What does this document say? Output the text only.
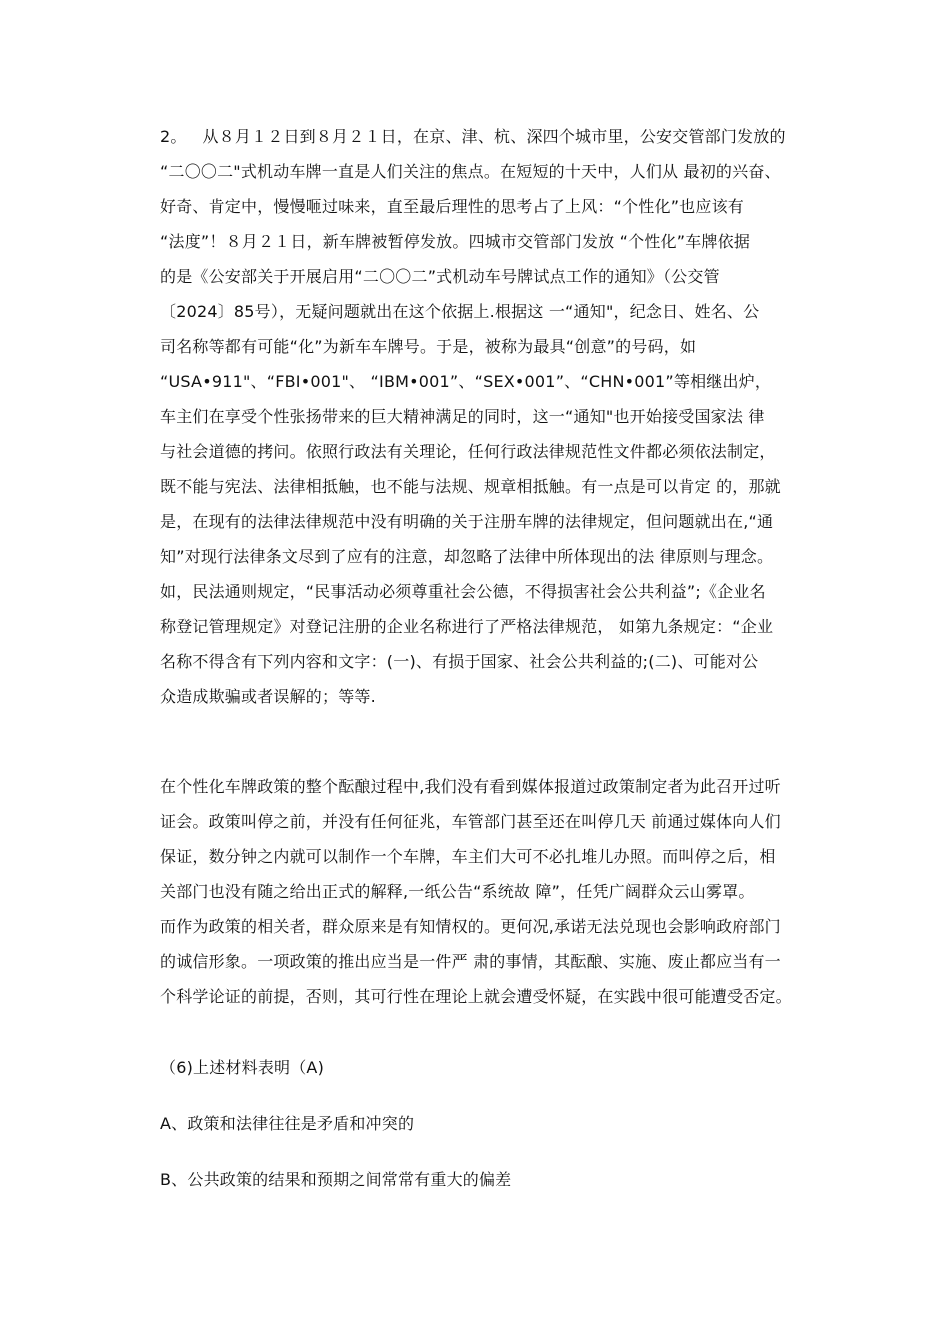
2。   从８月１２日到８月２１日，在京、津、杭、深四个城市里，公安交管部门发放的
“二〇〇二"式机动车牌一直是人们关注的焦点。在短短的十天中，人们从 最初的兴奋、
好奇、肯定中，慢慢咂过味来，直至最后理性的思考占了上风：“个性化”也应该有
“法度”！８月２１日，新车牌被暂停发放。四城市交管部门发放 “个性化”车牌依据
的是《公安部关于开展启用“二〇〇二”式机动车号牌试点工作的通知》（公交管
〔2024〕85号），无疑问题就出在这个依据上.根据这 一“通知"，纪念日、姓名、公
司名称等都有可能“化”为新车车牌号。于是，被称为最具“创意”的号码，如
“USA•911"、“FBI•001"、 “IBM•001”、“SEX•001”、“CHN•001”等相继出炉，
车主们在享受个性张扬带来的巨大精神满足的同时，这一“通知"也开始接受国家法 律
与社会道德的拷问。依照行政法有关理论，任何行政法律规范性文件都必须依法制定，
既不能与宪法、法律相抵触，也不能与法规、规章相抵触。有一点是可以肯定 的，那就
是，在现有的法律法律规范中没有明确的关于注册车牌的法律规定，但问题就出在,“通
知”对现行法律条文尽到了应有的注意，却忽略了法律中所体现出的法 律原则与理念。
如，民法通则规定，“民事活动必须尊重社会公德，不得损害社会公共利益”;《企业名
称登记管理规定》对登记注册的企业名称进行了严格法律规范， 如第九条规定：“企业
名称不得含有下列内容和文字：(一)、有损于国家、社会公共利益的;(二)、可能对公
众造成欺骗或者误解的；等等.
在个性化车牌政策的整个酝酿过程中,我们没有看到媒体报道过政策制定者为此召开过听
证会。政策叫停之前，并没有任何征兆，车管部门甚至还在叫停几天 前通过媒体向人们
保证，数分钟之内就可以制作一个车牌，车主们大可不必扎堆儿办照。而叫停之后，相
关部门也没有随之给出正式的解释,一纸公告“系统故 障”，任凭广阔群众云山雾罩。
而作为政策的相关者，群众原来是有知情权的。更何况,承诺无法兑现也会影响政府部门
的诚信形象。一项政策的推出应当是一件严 肃的事情，其酝酿、实施、废止都应当有一
个科学论证的前提，否则，其可行性在理论上就会遭受怀疑，在实践中很可能遭受否定。
（6)上述材料表明（A)
A、政策和法律往往是矛盾和冲突的
B、公共政策的结果和预期之间常常有重大的偏差
